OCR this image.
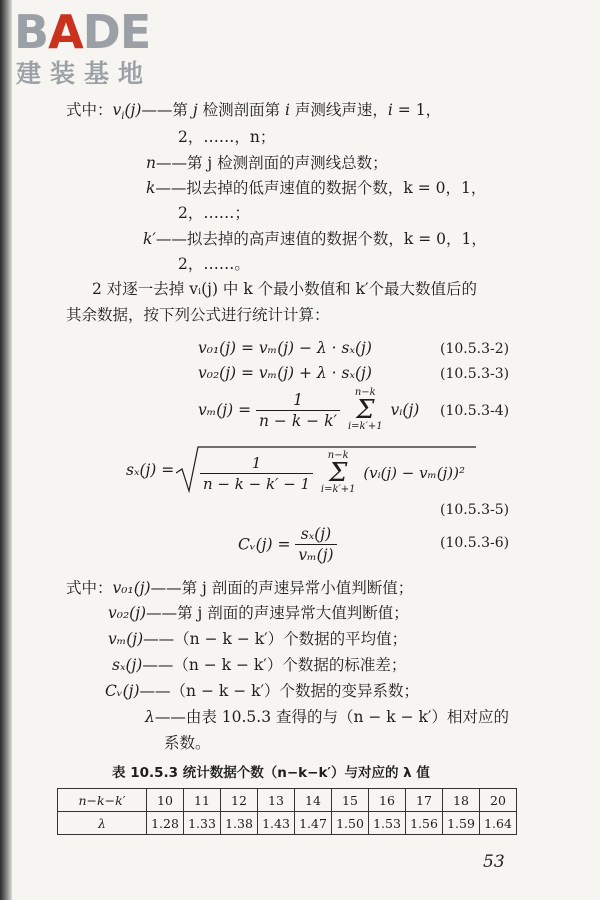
BADE
建装基地
式中：$v_i(j)——$第 j 检测剖面第 i 声测线声速，i = 1，
2，……，n；
n——第 j 检测剖面的声测线总数；
k——拟去掉的低声速值的数据个数，k = 0，1，
2，……；
k′——拟去掉的高声速值的数据个数，k = 0，1，
2，……。
2 对逐一去掉 vᵢ(j) 中 k 个最小数值和 k′个最大数值后的
其余数据，按下列公式进行统计计算：
v₀₁(j) = vₘ(j) − λ · sₓ(j)	(10.5.3-2)
v₀₂(j) = vₘ(j) + λ · sₓ(j)	(10.5.3-3)
$v_m(j) = \frac{1}{n - k - k'} n-k$
Σ
i=k′+1 vᵢ(j) (10.5.3-4)
$s_x(j) = \frac{1}{n - k - k' - 1} n-k$
Σ
i=k′+1 (vᵢ(j) − vₘ(j))²
(10.5.3-5)
Cᵥ(j) = $\frac{\text{sₓ(j)}}{\text{vₘ(j)}}$	(10.5.3-6)
式中：v₀₁(j)——第 j 剖面的声速异常小值判断值；
v₀₂(j)——第 j 剖面的声速异常大值判断值；
vₘ(j)——（n − k − k′）个数据的平均值；
sₓ(j)——（n − k − k′）个数据的标准差；
Cᵥ(j)——（n − k − k′）个数据的变异系数；
λ——由表 10.5.3 查得的与（n − k − k′）相对应的
系数。
表 10.5.3 统计数据个数（n−k−k′）与对应的 λ 值
n−k−k′	10	11	12	13	14	15	16	17	18	20
λ	1.28	1.33	1.38	1.43	1.47	1.50	1.53	1.56	1.59	1.64
53
